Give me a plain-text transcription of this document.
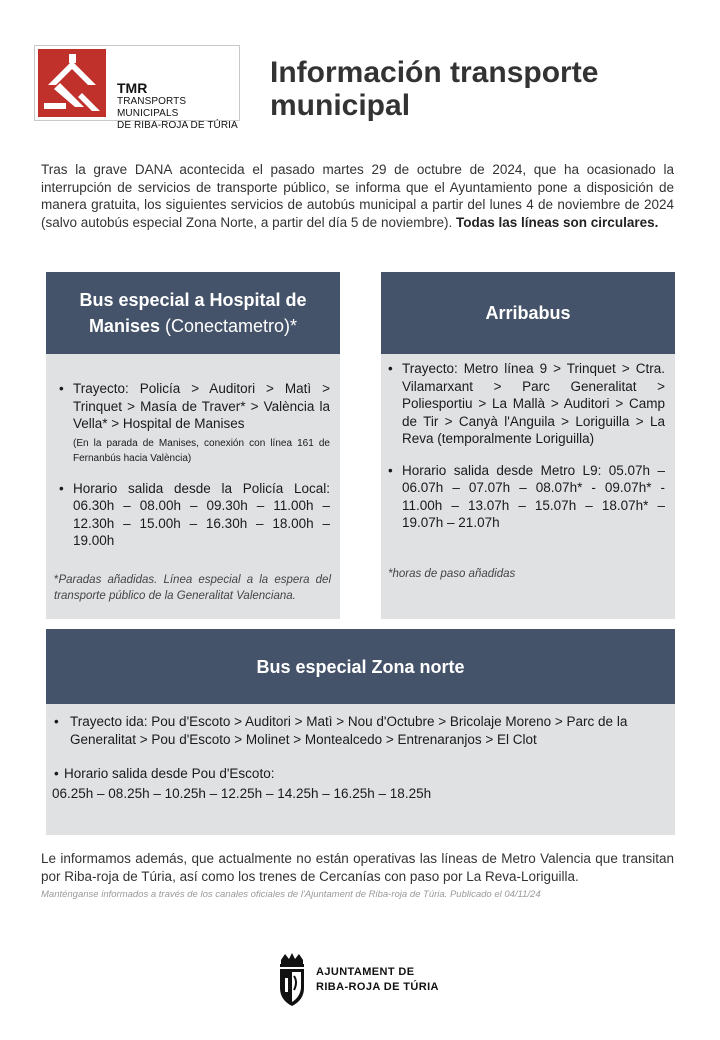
TMR
TRANSPORTS MUNICIPALS
DE RIBA-ROJA DE TÚRIA
Información transporte
municipal

Tras la grave DANA acontecida el pasado martes 29 de octubre de 2024, que ha ocasionado la interrupción de servicios de transporte público, se informa que el Ayuntamiento pone a disposición de manera gratuita, los siguientes servicios de autobús municipal a partir del lunes 4 de noviembre de 2024 (salvo autobús especial Zona Norte, a partir del día 5 de noviembre). Todas las líneas son circulares.

Bus especial a Hospital de Manises (Conectametro)*
• Trayecto: Policía > Auditori > Matì > Trinquet > Masía de Traver* > València la Vella* > Hospital de Manises
(En la parada de Manises, conexión con línea 161 de Fernanbús hacia València)
• Horario salida desde la Policía Local: 06.30h – 08.00h – 09.30h – 11.00h – 12.30h – 15.00h – 16.30h – 18.00h – 19.00h
*Paradas añadidas. Línea especial a la espera del transporte público de la Generalitat Valenciana.
Arribabus
• Trayecto: Metro línea 9 > Trinquet > Ctra. Vilamarxant > Parc Generalitat > Poliesportiu > La Mallà > Auditori > Camp de Tir > Canyà l'Anguila > Loriguilla > La Reva (temporalmente Loriguilla)
• Horario salida desde Metro L9: 05.07h – 06.07h – 07.07h – 08.07h* - 09.07h* - 11.00h – 13.07h – 15.07h – 18.07h* – 19.07h – 21.07h
*horas de paso añadidas
Bus especial Zona norte
• Trayecto ida: Pou d'Escoto > Auditori > Matì > Nou d'Octubre > Bricolaje Moreno > Parc de la Generalitat > Pou d'Escoto > Molinet > Montealcedo > Entrenaranjos > El Clot
• Horario salida desde Pou d'Escoto:
06.25h – 08.25h – 10.25h – 12.25h – 14.25h – 16.25h – 18.25h

Le informamos además, que actualmente no están operativas las líneas de Metro Valencia que transitan por Riba-roja de Túria, así como los trenes de Cercanías con paso por La Reva-Loriguilla.

Manténganse informados a través de los canales oficiales de l'Ajuntament de Riba-roja de Túria. Publicado el 04/11/24

AJUNTAMENT DE
RIBA-ROJA DE TÚRIA
